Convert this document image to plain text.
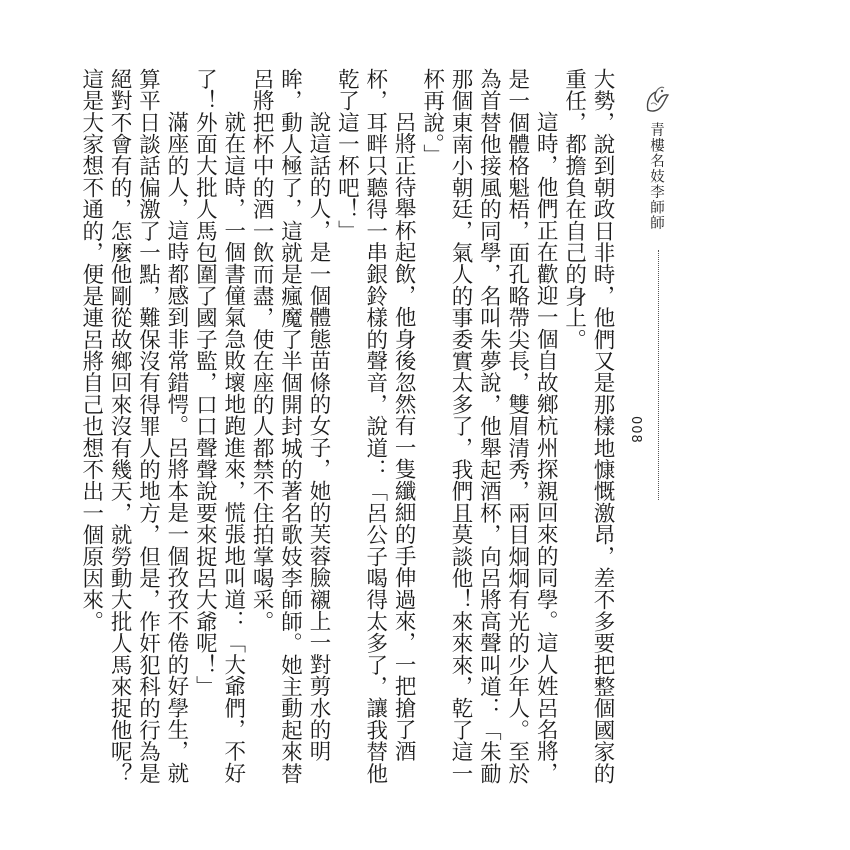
青樓名妓李師師
008

大勢，說到朝政日非時，他們又是那樣地慷慨激昂，差不多要把整個國家的重任，都擔負在自己的身上。

這時，他們正在歡迎一個自故鄉杭州探親回來的同學。這人姓呂名將，是一個體格魁梧，面孔略帶尖長，雙眉清秀，兩目炯炯有光的少年人。至於為首替他接風的同學，名叫朱夢說，他舉起酒杯，向呂將高聲叫道：「朱勔那個東南小朝廷，氣人的事委實太多了，我們且莫談他！來來來，乾了這一杯再說。」

呂將正待舉杯起飲，他身後忽然有一隻纖細的手伸過來，一把搶了酒杯，耳畔只聽得一串銀鈴樣的聲音，說道：「呂公子喝得太多了，讓我替他乾了這一杯吧！」

說這話的人，是一個體態苗條的女子，她的芙蓉臉襯上一對剪水的明眸，動人極了，這就是瘋魔了半個開封城的著名歌妓李師師。她主動起來替呂將把杯中的酒一飲而盡，使在座的人都禁不住拍掌喝采。

就在這時，一個書僮氣急敗壞地跑進來，慌張地叫道：「大爺們，不好了！外面大批人馬包圍了國子監，口口聲聲說要來捉呂大爺呢！」

滿座的人，這時都感到非常錯愕。呂將本是一個孜孜不倦的好學生，就算平日談話偏激了一點，難保沒有得罪人的地方，但是，作奸犯科的行為是絕對不會有的，怎麼他剛從故鄉回來沒有幾天，就勞動大批人馬來捉他呢？這是大家想不通的，便是連呂將自己也想不出一個原因來。
